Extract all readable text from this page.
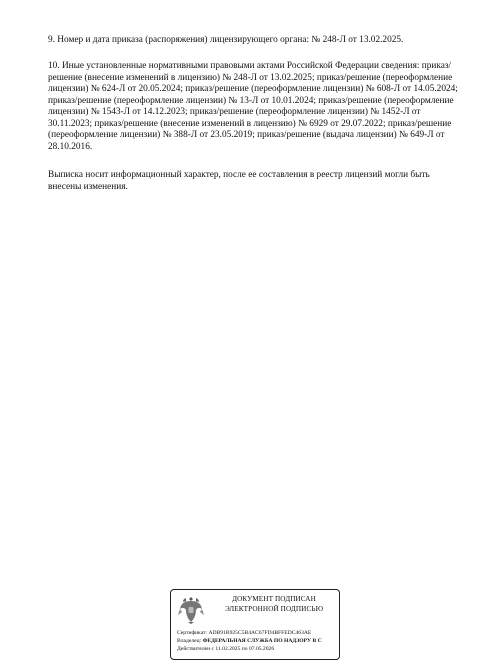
9. Номер и дата приказа (распоряжения) лицензирующего органа: № 248-Л от 13.02.2025.

10. Иные установленные нормативными правовыми актами Российской Федерации сведения: приказ/решение (внесение изменений в лицензию) № 248-Л от 13.02.2025; приказ/решение (переоформление лицензии) № 624-Л от 20.05.2024; приказ/решение (переоформление лицензии) № 608-Л от 14.05.2024; приказ/решение (переоформление лицензии) № 13-Л от 10.01.2024; приказ/решение (переоформление лицензии) № 1543-Л от 14.12.2023; приказ/решение (переоформление лицензии) № 1452-Л от 30.11.2023; приказ/решение (внесение изменений в лицензию) № 6929 от 29.07.2022; приказ/решение (переоформление лицензии) № 388-Л от 23.05.2019; приказ/решение (выдача лицензии) № 649-Л от 28.10.2016.

Выписка носит информационный характер, после ее составления в реестр лицензий могли быть внесены изменения.

ДОКУМЕНТ ПОДПИСАН
ЭЛЕКТРОННОЙ ПОДПИСЬЮ
Сертификат: ADB91B925C5B4AC67FD4BFFEDC463AE
Владелец: ФЕДЕРАЛЬНАЯ СЛУЖБА ПО НАДЗОРУ В С
Действителен с 11.02.2025 по 07.05.2026
